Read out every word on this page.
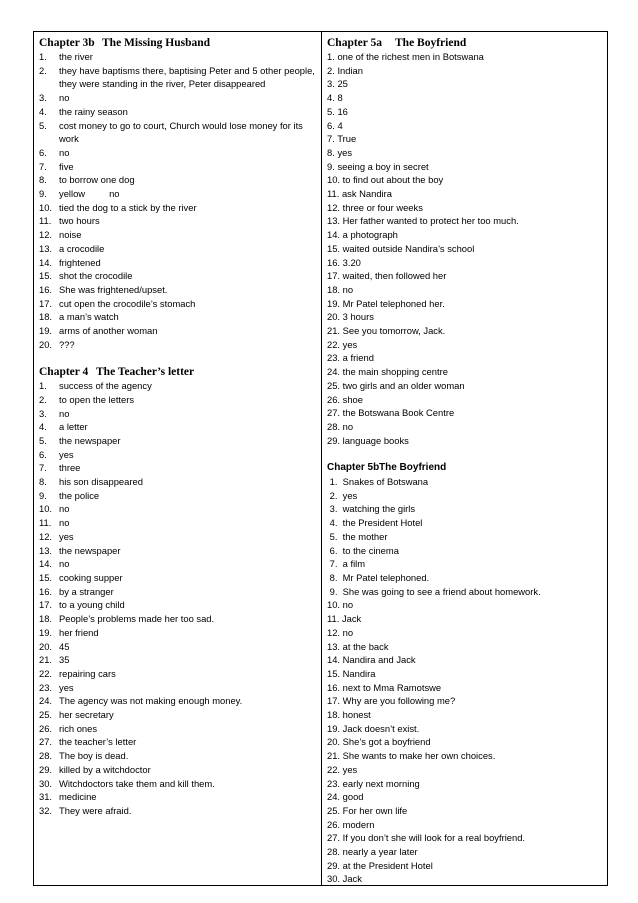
Chapter 3b The Missing Husband
1.	the river
2.	they have baptisms there, baptising Peter and 5 other people, they were standing in the river, Peter disappeared
3.	no
4.	the rainy season
5.	cost money to go to court, Church would lose money for its work
6.	no
7.	five
8.	to borrow one dog
9.	yellow	no
10. tied the dog to a stick by the river
11. two hours
12. noise
13. a crocodile
14. frightened
15. shot the crocodile
16. She was frightened/upset.
17. cut open the crocodile’s stomach
18. a man’s watch
19. arms of another woman
20. ???
Chapter 4 The Teacher’s letter
1.	success of the agency
2.	to open the letters
3.	no
4.	a letter
5.	the newspaper
6.	yes
7.	three
8.	his son disappeared
9.	the police
10. no
11. no
12. yes
13. the newspaper
14. no
15. cooking supper
16. by a stranger
17. to a young child
18. People’s problems made her too sad.
19. her friend
20. 45
21. 35
22. repairing cars
23. yes
24. The agency was not making enough money.
25. her secretary
26. rich ones
27. the teacher’s letter
28. The boy is dead.
29. killed by a witchdoctor
30. Witchdoctors take them and kill them.
31. medicine
32. They were afraid.
Chapter 5a The Boyfriend
1. one of the richest men in Botswana
2. Indian
3. 25
4. 8
5. 16
6. 4
7. True
8. yes
9. seeing a boy in secret
10. to find out about the boy
11. ask Nandira
12. three or four weeks
13. Her father wanted to protect her too much.
14. a photograph
15. waited outside Nandira’s school
16. 3.20
17. waited, then followed her
18. no
19. Mr Patel telephoned her.
20. 3 hours
21. See you tomorrow, Jack.
22. yes
23. a friend
24. the main shopping centre
25. two girls and an older woman
26. shoe
27. the Botswana Book Centre
28. no
29. language books
Chapter 5bThe Boyfriend
1.  Snakes of Botswana
2.  yes
3.  watching the girls
4.  the President Hotel
5.  the mother
6.  to the cinema
7.  a film
8.  Mr Patel telephoned.
9.  She was going to see a friend about homework.
10. no
11. Jack
12. no
13. at the back
14. Nandira and Jack
15. Nandira
16. next to Mma Ramotswe
17. Why are you following me?
18. honest
19. Jack doesn’t exist.
20. She’s got a boyfriend
21. She wants to make her own choices.
22. yes
23. early next morning
24. good
25. For her own life
26. modern
27. If you don’t she will look for a real boyfriend.
28. nearly a year later
29. at the President Hotel
30. Jack
